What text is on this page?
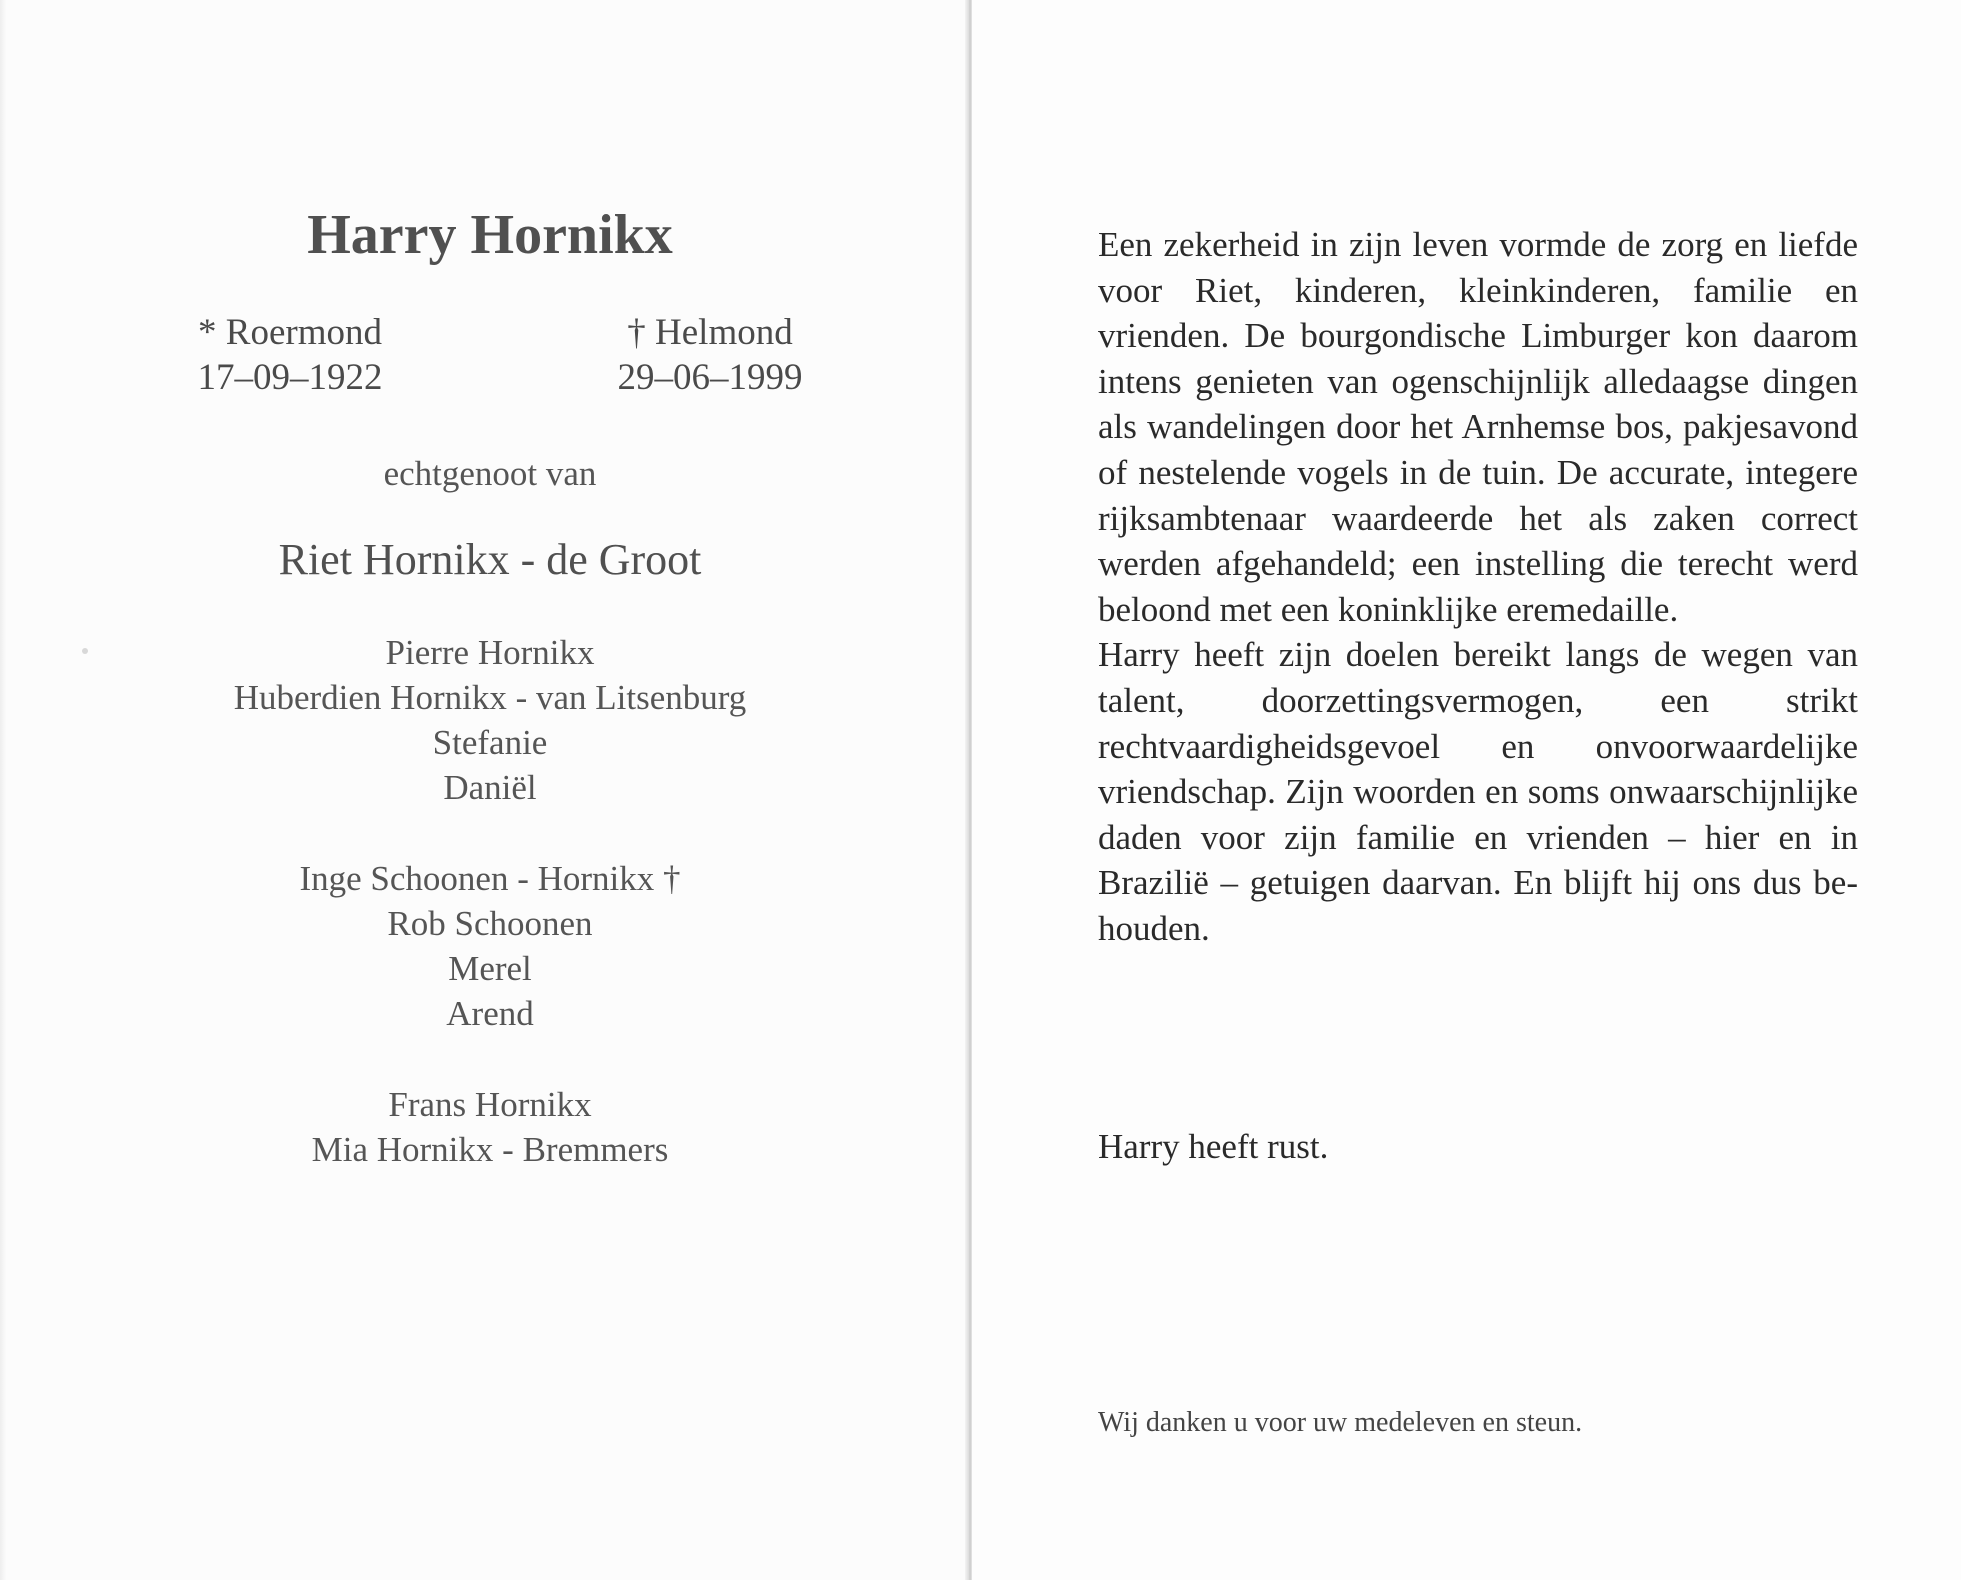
Harry Hornikx
* Roermond
17–09–1922
† Helmond
29–06–1999
echtgenoot van
Riet Hornikx - de Groot
Pierre Hornikx
Huberdien Hornikx - van Litsenburg
Stefanie
Daniël
Inge Schoonen - Hornikx †
Rob Schoonen
Merel
Arend
Frans Hornikx
Mia Hornikx - Bremmers

Een zekerheid in zijn leven vormde de zorg en liefde voor Riet, kinderen, kleinkinderen, familie en vrienden. De bourgondische Limburger kon daarom intens genieten van ogenschijnlijk alledaagse dingen als wandelingen door het Arnhemse bos, pakjesavond of nestelende vogels in de tuin. De accurate, integere rijksambtenaar waardeerde het als zaken correct werden afgehandeld; een instelling die terecht werd beloond met een koninklijke eremedaille.

Harry heeft zijn doelen bereikt langs de wegen van talent, doorzettingsvermogen, een strikt rechtvaardigheidsgevoel en onvoorwaardelijke vriendschap. Zijn woorden en soms onwaarschijnlijke daden voor zijn familie en vrienden – hier en in Brazilië – getuigen daarvan. En blijft hij ons dus behouden.

Harry heeft rust.
Wij danken u voor uw medeleven en steun.
